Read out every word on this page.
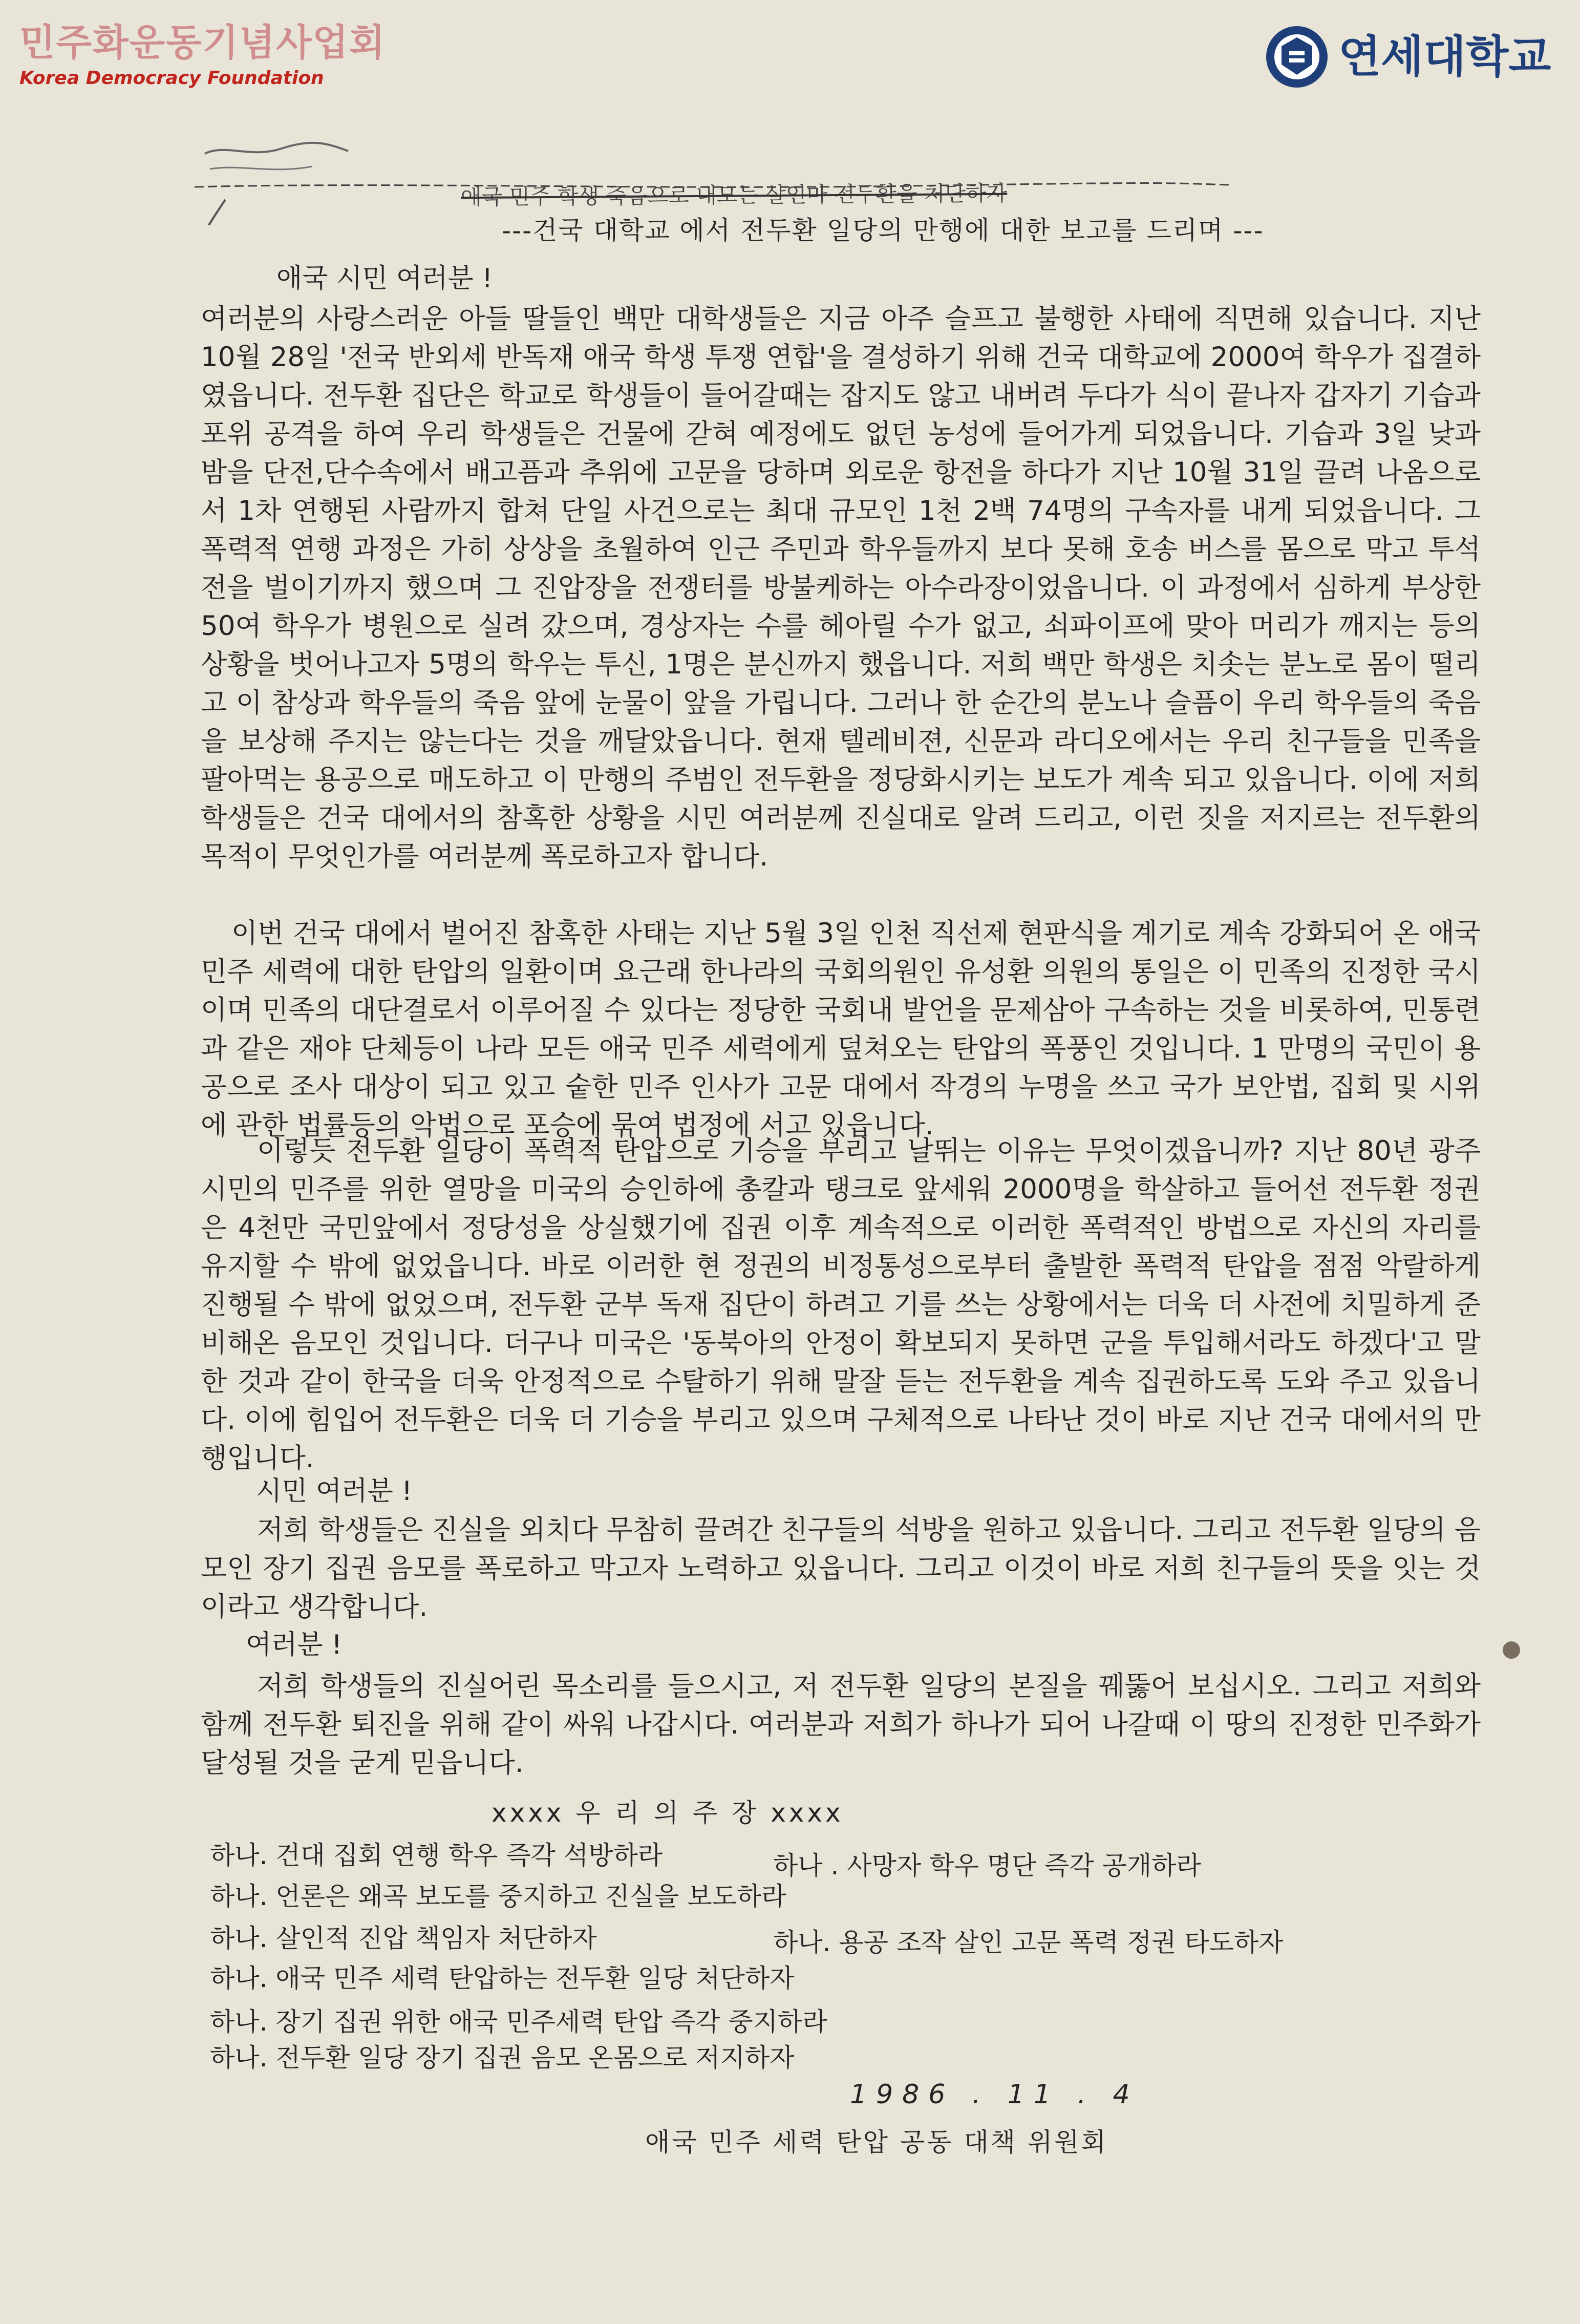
민주화운동기념사업회
Korea Democracy Foundation	연세대학교
애국 민주 학생 죽음으로 내모는 살인마 전두환을 처단하자
---건국 대학교 에서 전두환 일당의 만행에 대한 보고를 드리며 ---
애국 시민 여러분 !

여러분의 사랑스러운 아들 딸들인 백만 대학생들은 지금 아주 슬프고 불행한 사태에 직면해 있습니다. 지난 10월 28일 '전국 반외세 반독재 애국 학생 투쟁 연합'을 결성하기 위해 건국 대학교에 2000여 학우가 집결하였읍니다. 전두환 집단은 학교로 학생들이 들어갈때는 잡지도 않고 내버려 두다가 식이 끝나자 갑자기 기습과 포위 공격을 하여 우리 학생들은 건물에 갇혀 예정에도 없던 농성에 들어가게 되었읍니다. 기습과 3일 낮과 밤을 단전,단수속에서 배고픔과 추위에 고문을 당하며 외로운 항전을 하다가 지난 10월 31일 끌려 나옴으로서 1차 연행된 사람까지 합쳐 단일 사건으로는 최대 규모인 1천 2백 74명의 구속자를 내게 되었읍니다. 그 폭력적 연행 과정은 가히 상상을 초월하여 인근 주민과 학우들까지 보다 못해 호송 버스를 몸으로 막고 투석전을 벌이기까지 했으며 그 진압장을 전쟁터를 방불케하는 아수라장이었읍니다. 이 과정에서 심하게 부상한 50여 학우가 병원으로 실려 갔으며, 경상자는 수를 헤아릴 수가 없고, 쇠파이프에 맞아 머리가 깨지는 등의 상황을 벗어나고자 5명의 학우는 투신, 1명은 분신까지 했읍니다. 저희 백만 학생은 치솟는 분노로 몸이 떨리고 이 참상과 학우들의 죽음 앞에 눈물이 앞을 가립니다. 그러나 한 순간의 분노나 슬픔이 우리 학우들의 죽음을 보상해 주지는 않는다는 것을 깨달았읍니다. 현재 텔레비젼, 신문과 라디오에서는 우리 친구들을 민족을 팔아먹는 용공으로 매도하고 이 만행의 주범인 전두환을 정당화시키는 보도가 계속 되고 있읍니다. 이에 저희 학생들은 건국 대에서의 참혹한 상황을 시민 여러분께 진실대로 알려 드리고, 이런 짓을 저지르는 전두환의 목적이 무엇인가를 여러분께 폭로하고자 합니다.

이번 건국 대에서 벌어진 참혹한 사태는 지난 5월 3일 인천 직선제 현판식을 계기로 계속 강화되어 온 애국 민주 세력에 대한 탄압의 일환이며 요근래 한나라의 국회의원인 유성환 의원의 통일은 이 민족의 진정한 국시이며 민족의 대단결로서 이루어질 수 있다는 정당한 국회내 발언을 문제삼아 구속하는 것을 비롯하여, 민통련과 같은 재야 단체등이 나라 모든 애국 민주 세력에게 덮쳐오는 탄압의 폭풍인 것입니다. 1 만명의 국민이 용공으로 조사 대상이 되고 있고 숱한 민주 인사가 고문 대에서 작경의 누명을 쓰고 국가 보안법, 집회 및 시위에 관한 법률등의 악법으로 포승에 묶여 법정에 서고 있읍니다.

이렇듯 전두환 일당이 폭력적 탄압으로 기승을 부리고 날뛰는 이유는 무엇이겠읍니까? 지난 80년 광주 시민의 민주를 위한 열망을 미국의 승인하에 총칼과 탱크로 앞세워 2000명을 학살하고 들어선 전두환 정권은 4천만 국민앞에서 정당성을 상실했기에 집권 이후 계속적으로 이러한 폭력적인 방법으로 자신의 자리를 유지할 수 밖에 없었읍니다. 바로 이러한 현 정권의 비정통성으로부터 출발한 폭력적 탄압을 점점 악랄하게 진행될 수 밖에 없었으며, 전두환 군부 독재 집단이 하려고 기를 쓰는 상황에서는 더욱 더 사전에 치밀하게 준비해온 음모인 것입니다. 더구나 미국은 '동북아의 안정이 확보되지 못하면 군을 투입해서라도 하겠다'고 말한 것과 같이 한국을 더욱 안정적으로 수탈하기 위해 말잘 듣는 전두환을 계속 집권하도록 도와 주고 있읍니다. 이에 힘입어 전두환은 더욱 더 기승을 부리고 있으며 구체적으로 나타난 것이 바로 지난 건국 대에서의 만행입니다.

시민 여러분 !

저희 학생들은 진실을 외치다 무참히 끌려간 친구들의 석방을 원하고 있읍니다. 그리고 전두환 일당의 음모인 장기 집권 음모를 폭로하고 막고자 노력하고 있읍니다. 그리고 이것이 바로 저희 친구들의 뜻을 잇는 것이라고 생각합니다.

여러분 !

저희 학생들의 진실어린 목소리를 들으시고, 저 전두환 일당의 본질을 꿰뚫어 보십시오. 그리고 저희와 함께 전두환 퇴진을 위해 같이 싸워 나갑시다. 여러분과 저희가 하나가 되어 나갈때 이 땅의 진정한 민주화가 달성될 것을 굳게 믿읍니다.

xxxx 우 리 의 주 장 xxxx
하나. 건대 집회 연행 학우 즉각 석방하라	하나 . 사망자 학우 명단 즉각 공개하라
하나. 언론은 왜곡 보도를 중지하고 진실을 보도하라
하나. 살인적 진압 책임자 처단하자	하나. 용공 조작 살인 고문 폭력 정권 타도하자
하나. 애국 민주 세력 탄압하는 전두환 일당 처단하자
하나. 장기 집권 위한 애국 민주세력 탄압 즉각 중지하라
하나. 전두환 일당 장기 집권 음모 온몸으로 저지하자
1986 . 11 . 4
애국 민주 세력 탄압 공동 대책 위원회
